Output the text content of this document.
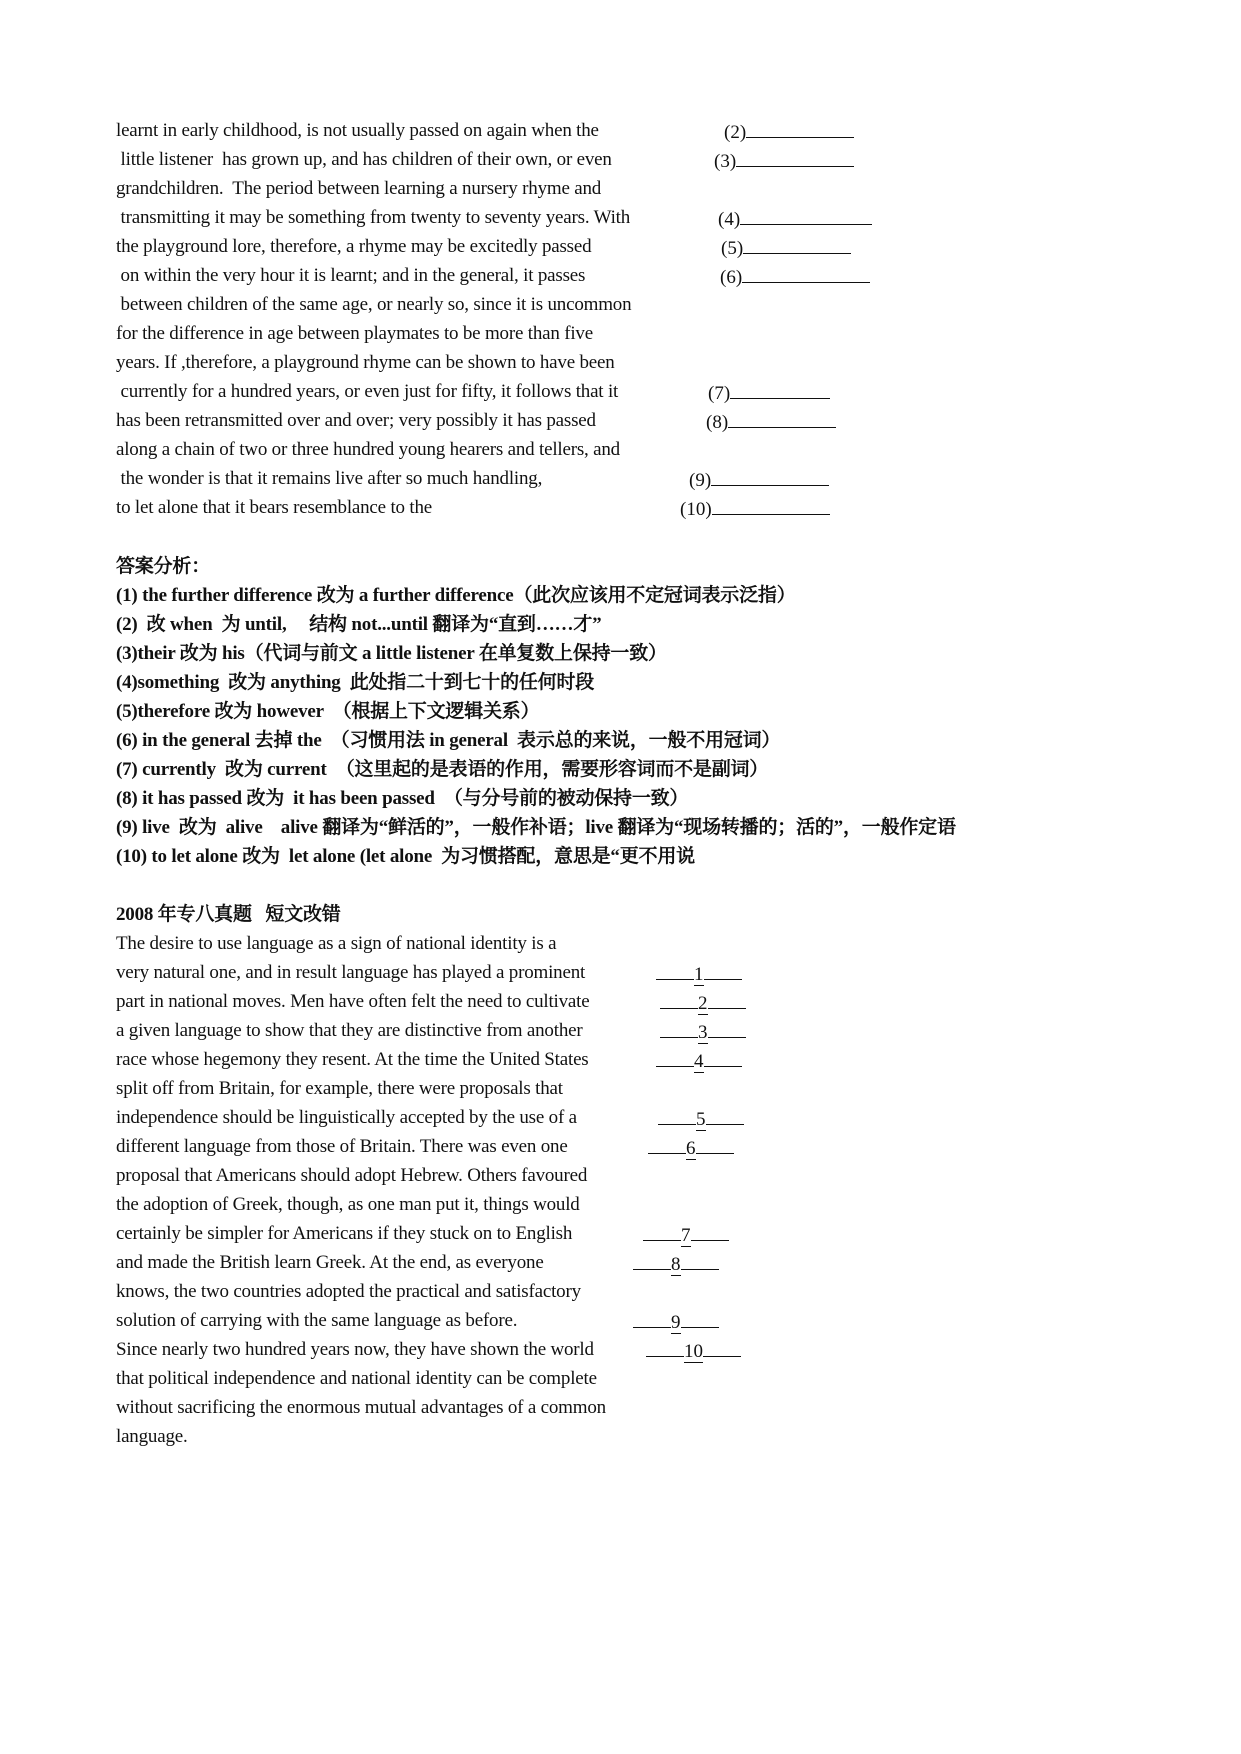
答案分析：
2008 年专八真题   短文改错
learnt in early childhood, is not usually passed on again when the	(2)
little listener  has grown up, and has children of their own, or even	(3)
grandchildren.  The period between learning a nursery rhyme and
transmitting it may be something from twenty to seventy years. With	(4)
the playground lore, therefore, a rhyme may be excitedly passed	(5)
on within the very hour it is learnt; and in the general, it passes	(6)
between children of the same age, or nearly so, since it is uncommon
for the difference in age between playmates to be more than five
years. If ,therefore, a playground rhyme can be shown to have been
currently for a hundred years, or even just for fifty, it follows that it	(7)
has been retransmitted over and over; very possibly it has passed	(8)
along a chain of two or three hundred young hearers and tellers, and
the wonder is that it remains live after so much handling,	(9)
to let alone that it bears resemblance to the	(10)
(1) the further difference 改为 a further difference（此次应该用不定冠词表示泛指）
(2)  改 when  为 until,     结构 not...until 翻译为“直到……才”
(3)their 改为 his（代词与前文 a little listener 在单复数上保持一致）
(4)something  改为 anything  此处指二十到七十的任何时段
(5)therefore 改为 however  （根据上下文逻辑关系）
(6) in the general 去掉 the  （习惯用法 in general  表示总的来说，一般不用冠词）
(7) currently  改为 current  （这里起的是表语的作用，需要形容词而不是副词）
(8) it has passed 改为  it has been passed  （与分号前的被动保持一致）
(9) live  改为  alive    alive 翻译为“鲜活的”，一般作补语；live 翻译为“现场转播的；活的”，一般作定语
(10) to let alone 改为  let alone (let alone  为习惯搭配，意思是“更不用说
The desire to use language as a sign of national identity is a
very natural one, and in result language has played a prominent	1
part in national moves. Men have often felt the need to cultivate	2
a given language to show that they are distinctive from another	3
race whose hegemony they resent. At the time the United States	4
split off from Britain, for example, there were proposals that
independence should be linguistically accepted by the use of a	5
different language from those of Britain. There was even one	6
proposal that Americans should adopt Hebrew. Others favoured
the adoption of Greek, though, as one man put it, things would
certainly be simpler for Americans if they stuck on to English	7
and made the British learn Greek. At the end, as everyone	8
knows, the two countries adopted the practical and satisfactory
solution of carrying with the same language as before.	9
Since nearly two hundred years now, they have shown the world	10
that political independence and national identity can be complete
without sacrificing the enormous mutual advantages of a common
language.
